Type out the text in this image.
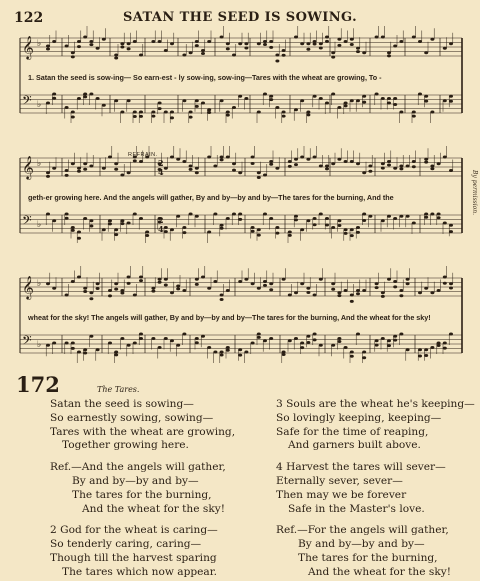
122	SATAN THE SEED IS SOWING.
By permission.
𝄞 ♭
𝄢 ♭
𝄞 ♭
𝄢 ♭
𝄞 ♭
𝄢 ♭
2
4
2
4
1. Satan the seed is sow-ing— So earn-est - ly sow-ing, sow-ing—Tares with the wheat are growing, To -
geth-er growing here. And the angels will gather, By and by—by and by—The tares for the burning, And the
wheat for the sky! The angels will gather, By and by—by and by—The tares for the burning, And the wheat for the sky!
REFRAIN.
172	The Tares.
Satan the seed is sowing—
So earnestly sowing, sowing—
Tares with the wheat are growing,
Together growing here.
Ref.—And the angels will gather,
By and by—by and by—
The tares for the burning,
And the wheat for the sky!
2 God for the wheat is caring—
So tenderly caring, caring—
Though till the harvest sparing
The tares which now appear.
3 Souls are the wheat he's keeping—
So lovingly keeping, keeping—
Safe for the time of reaping,
And garners built above.
4 Harvest the tares will sever—
Eternally sever, sever—
Then may we be forever
Safe in the Master's love.
Ref.—For the angels will gather,
By and by—by and by—
The tares for the burning,
And the wheat for the sky!
